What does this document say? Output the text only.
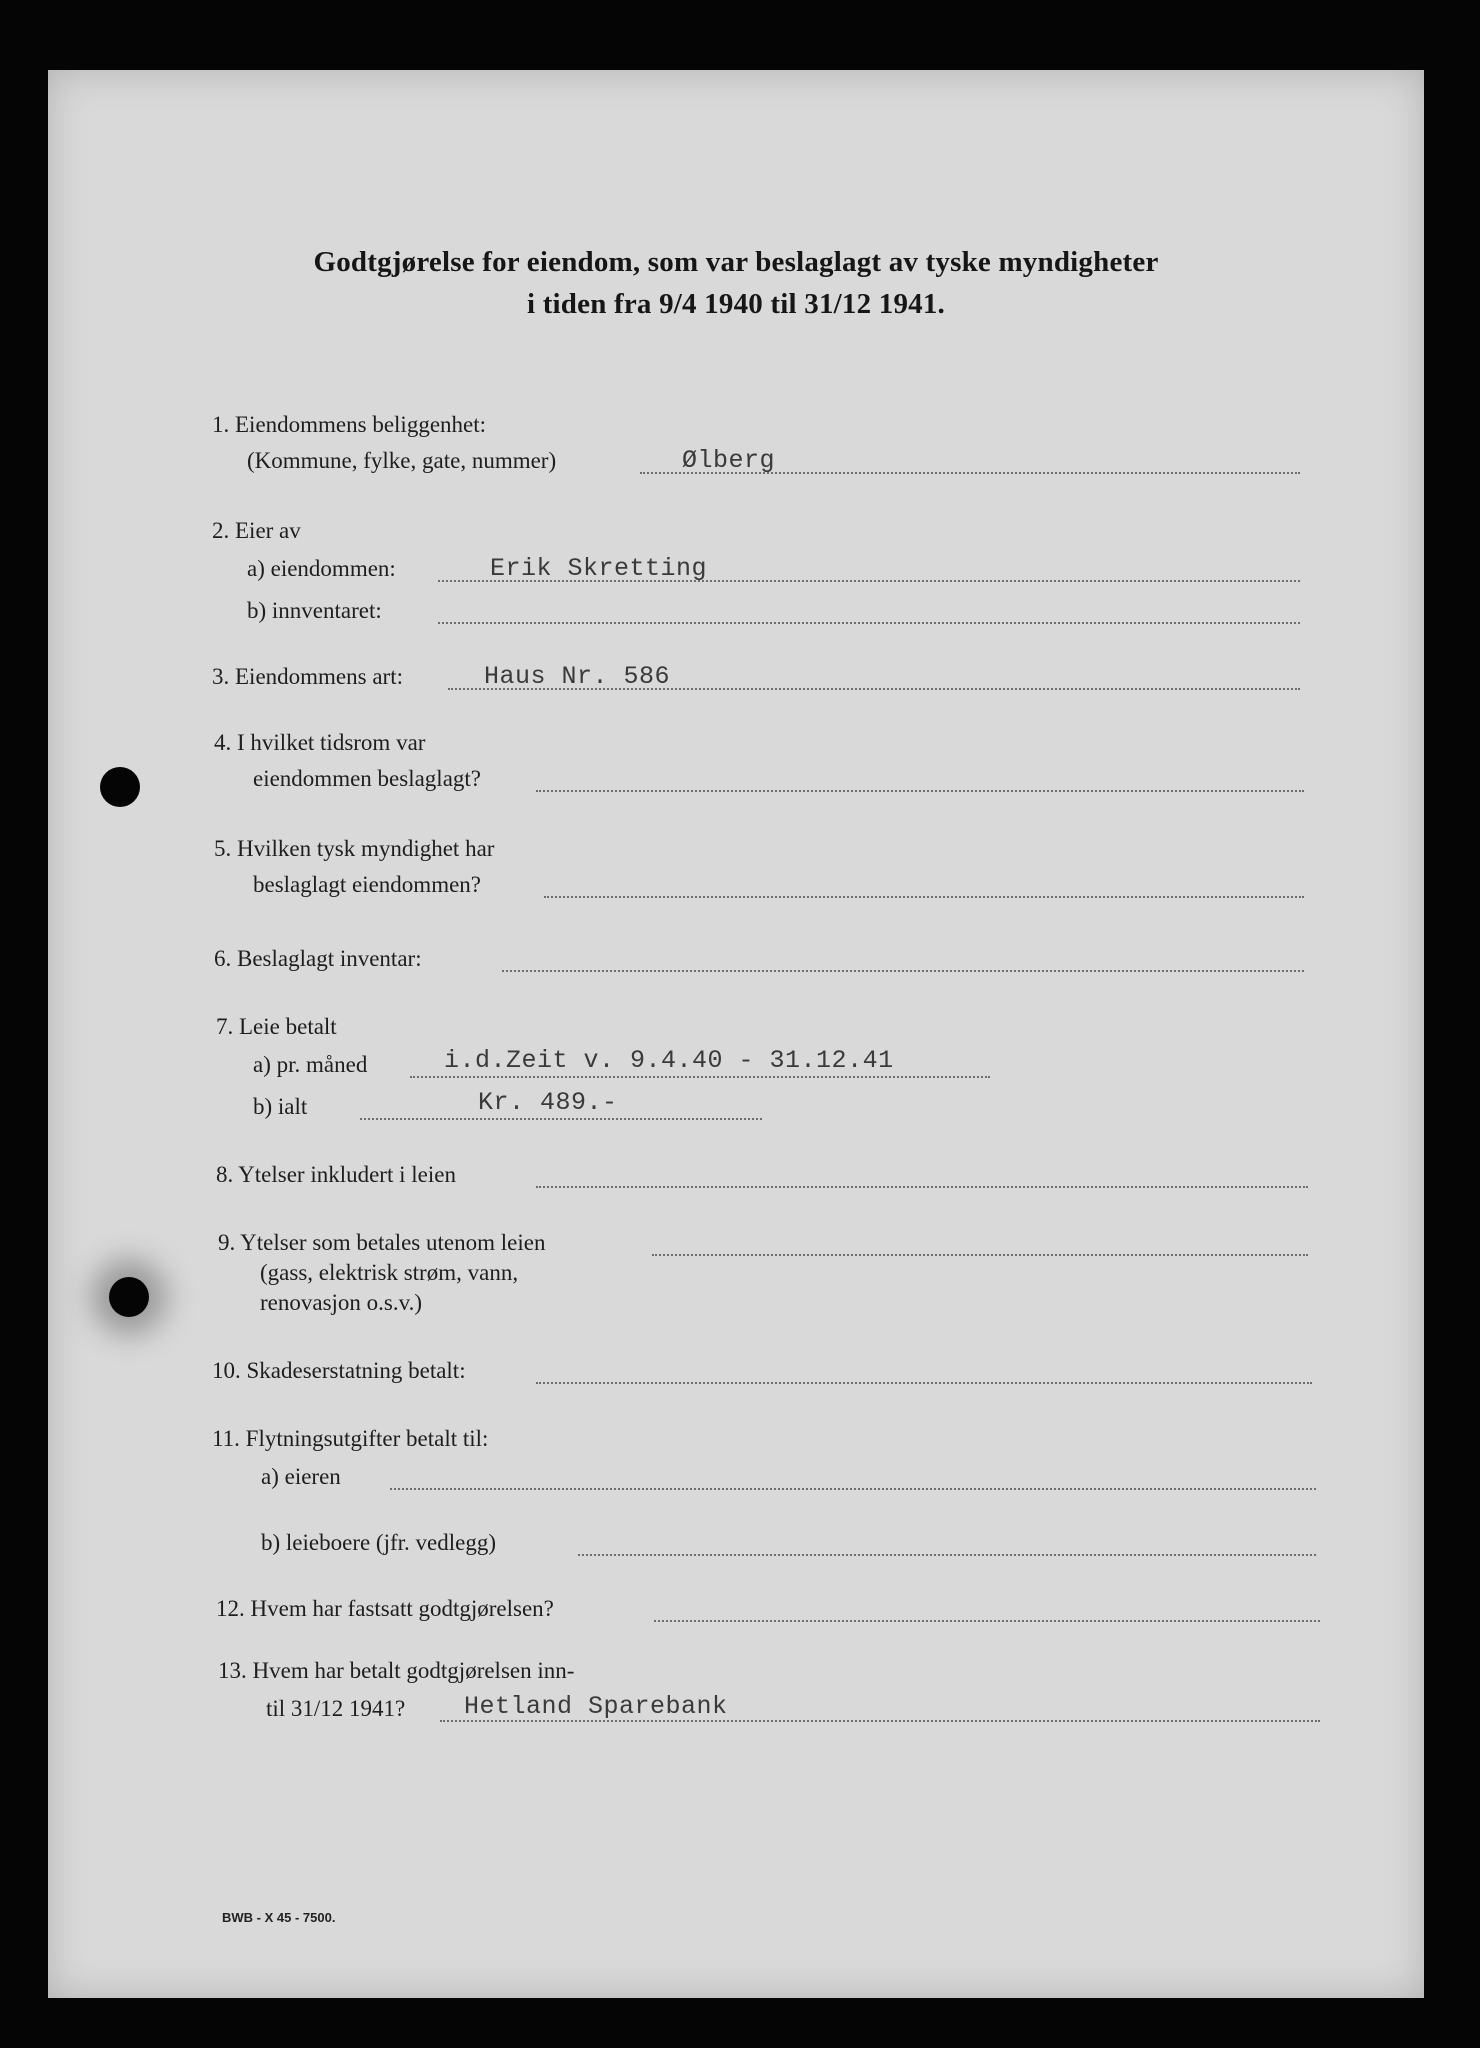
Godtgjørelse for eiendom, som var beslaglagt av tyske myndigheter
i tiden fra 9/4 1940 til 31/12 1941.
1. Eiendommens beliggenhet:
(Kommune, fylke, gate, nummer)	Ølberg
2. Eier av
a) eiendommen:	Erik Skretting
b) innventaret:
3. Eiendommens art:	Haus Nr. 586
4. I hvilket tidsrom var
eiendommen beslaglagt?
5. Hvilken tysk myndighet har
beslaglagt eiendommen?
6. Beslaglagt inventar:
7. Leie betalt
a) pr. måned	i.d.Zeit v. 9.4.40 - 31.12.41
b) ialt	Kr. 489.-
8. Ytelser inkludert i leien
9. Ytelser som betales utenom leien
(gass, elektrisk strøm, vann,
renovasjon o.s.v.)
10. Skadeserstatning betalt:
11. Flytningsutgifter betalt til:
a) eieren
b) leieboere (jfr. vedlegg)
12. Hvem har fastsatt godtgjørelsen?
13. Hvem har betalt godtgjørelsen inn-
til 31/12 1941? Hetland Sparebank
BWB - X 45 - 7500.
